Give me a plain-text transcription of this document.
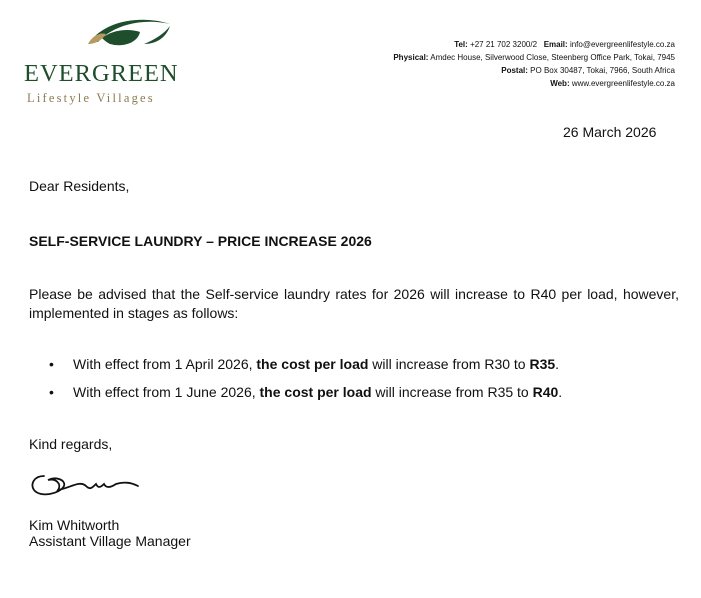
EVERGREEN
Lifestyle Villages
Tel: +27 21 702 3200/2 Email: info@evergreenlifestyle.co.za
Physical: Amdec House, Silverwood Close, Steenberg Office Park, Tokai, 7945
Postal: PO Box 30487, Tokai, 7966, South Africa
Web: www.evergreenlifestyle.co.za
26 March 2026
Dear Residents,
SELF-SERVICE LAUNDRY – PRICE INCREASE 2026
Please be advised that the Self-service laundry rates for 2026 will increase to R40 per load, however, implemented in stages as follows:
• With effect from 1 April 2026, the cost per load will increase from R30 to R35.
• With effect from 1 June 2026, the cost per load will increase from R35 to R40.
Kind regards,
Kim Whitworth
Assistant Village Manager
